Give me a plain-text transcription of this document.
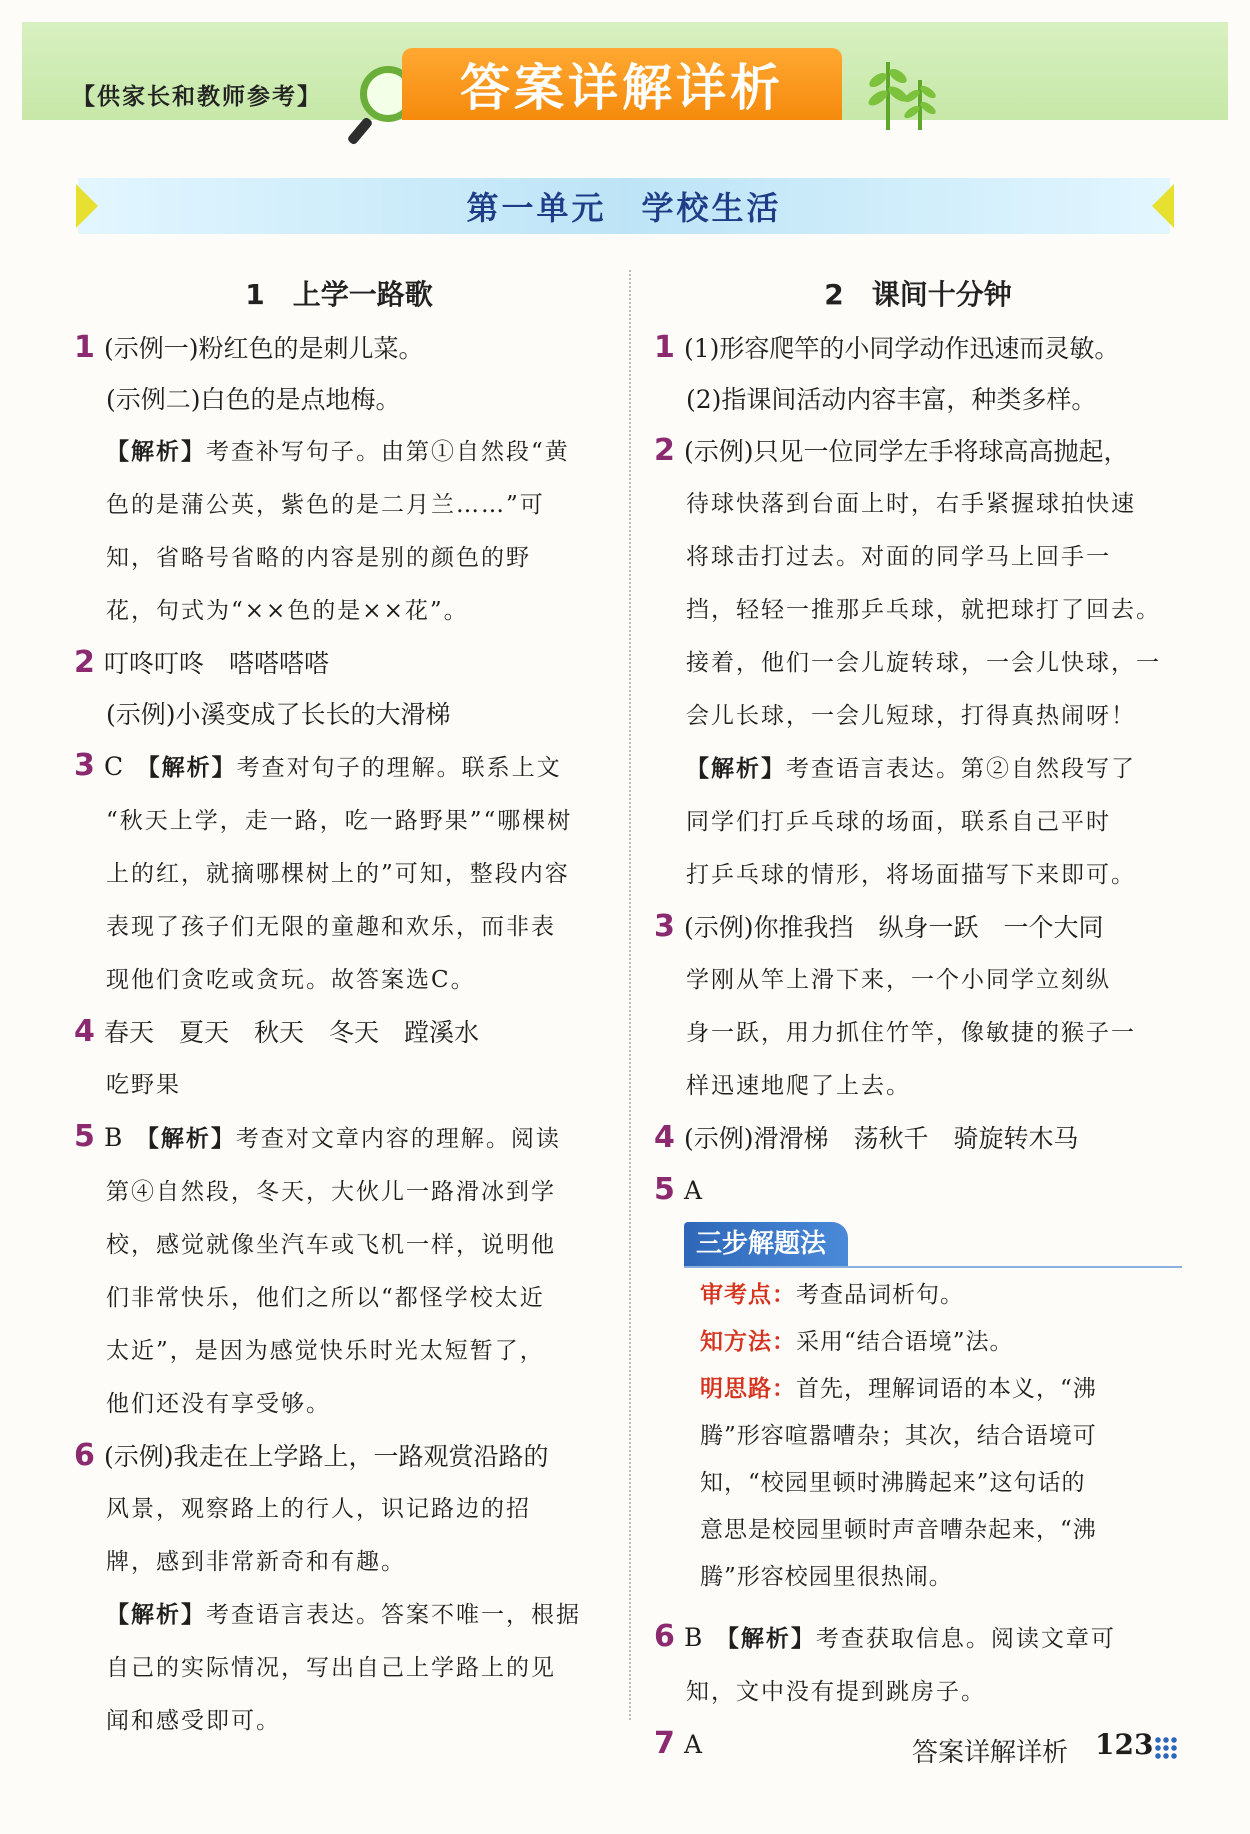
【供家长和教师参考】	答案详解详析
第一单元　学校生活
1　上学一路歌
1 (示例一)粉红色的是刺儿菜。
(示例二)白色的是点地梅。
【解析】考查补写句子。由第①自然段“黄
色的是蒲公英，紫色的是二月兰……”可
知，省略号省略的内容是别的颜色的野
花，句式为“××色的是××花”。
2 叮咚叮咚　嗒嗒嗒嗒
(示例)小溪变成了长长的大滑梯
3 C　【解析】考查对句子的理解。联系上文
“秋天上学，走一路，吃一路野果”“哪棵树
上的红，就摘哪棵树上的”可知，整段内容
表现了孩子们无限的童趣和欢乐，而非表
现他们贪吃或贪玩。故答案选C。
4 春天　夏天　秋天　冬天　蹚溪水
吃野果
5 B　【解析】考查对文章内容的理解。阅读
第④自然段，冬天，大伙儿一路滑冰到学
校，感觉就像坐汽车或飞机一样，说明他
们非常快乐，他们之所以“都怪学校太近
太近”，是因为感觉快乐时光太短暂了，
他们还没有享受够。
6 (示例)我走在上学路上，一路观赏沿路的
风景，观察路上的行人，识记路边的招
牌，感到非常新奇和有趣。
【解析】考查语言表达。答案不唯一，根据
自己的实际情况，写出自己上学路上的见
闻和感受即可。
2　课间十分钟
1 (1)形容爬竿的小同学动作迅速而灵敏。
(2)指课间活动内容丰富，种类多样。
2 (示例)只见一位同学左手将球高高抛起，
待球快落到台面上时，右手紧握球拍快速
将球击打过去。对面的同学马上回手一
挡，轻轻一推那乒乓球，就把球打了回去。
接着，他们一会儿旋转球，一会儿快球，一
会儿长球，一会儿短球，打得真热闹呀！
【解析】考查语言表达。第②自然段写了
同学们打乒乓球的场面，联系自己平时
打乒乓球的情形，将场面描写下来即可。
3 (示例)你推我挡　纵身一跃　一个大同
学刚从竿上滑下来，一个小同学立刻纵
身一跃，用力抓住竹竿，像敏捷的猴子一
样迅速地爬了上去。
4 (示例)滑滑梯　荡秋千　骑旋转木马
5 A
三步解题法
审考点：考查品词析句。
知方法：采用“结合语境”法。
明思路：首先，理解词语的本义，“沸
腾”形容喧嚣嘈杂；其次，结合语境可
知，“校园里顿时沸腾起来”这句话的
意思是校园里顿时声音嘈杂起来，“沸
腾”形容校园里很热闹。
6 B　【解析】考查获取信息。阅读文章可
知，文中没有提到跳房子。
7 A	答案详解详析 123
